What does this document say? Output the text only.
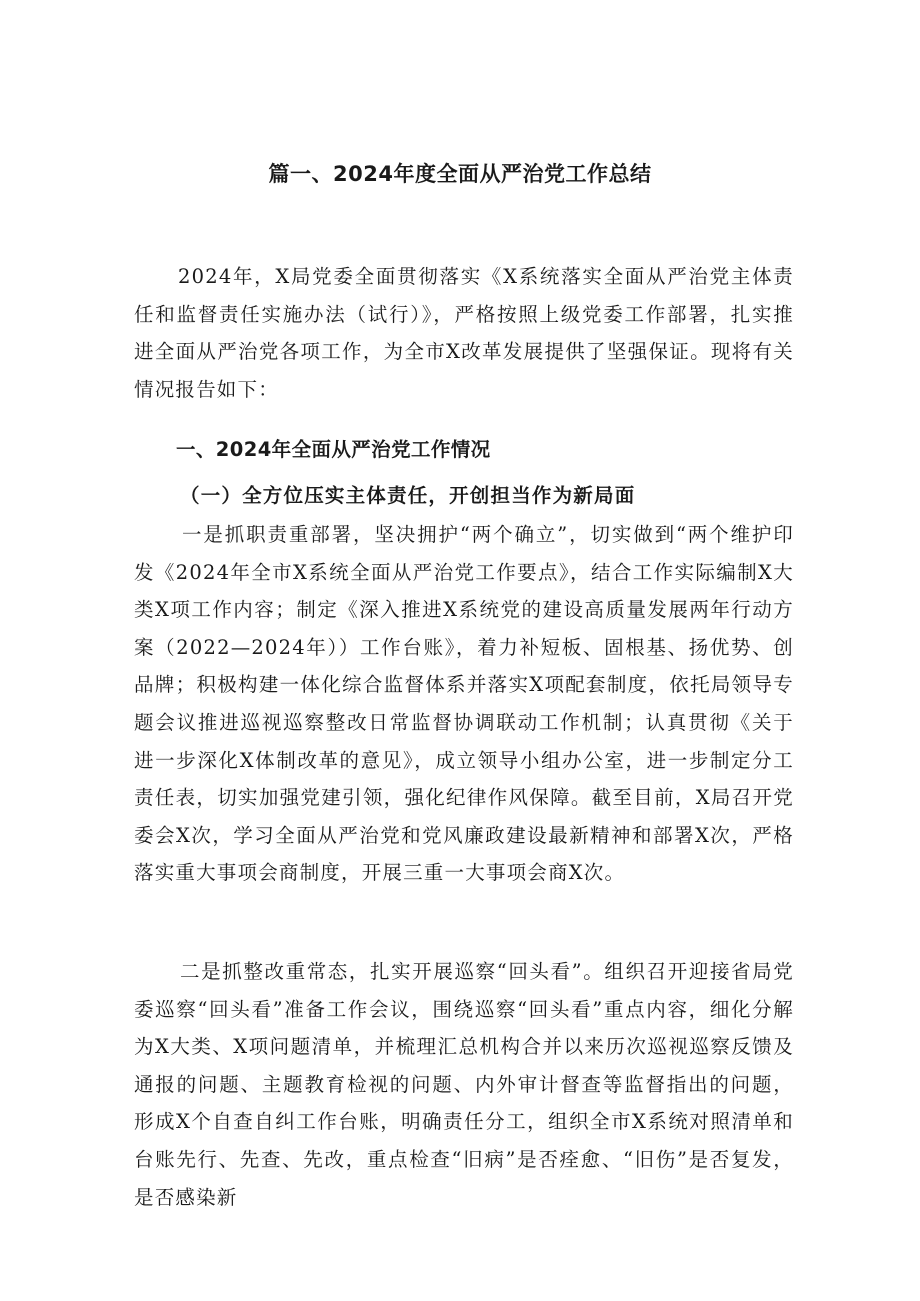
篇一、2024年度全面从严治党工作总结

2024年，X局党委全面贯彻落实《X系统落实全面从严治党主体责任和监督责任实施办法（试行）》，严格按照上级党委工作部署，扎实推进全面从严治党各项工作，为全市X改革发展提供了坚强保证。现将有关情况报告如下：

一、2024年全面从严治党工作情况
（一）全方位压实主体责任，开创担当作为新局面

一是抓职责重部署，坚决拥护“两个确立”，切实做到“两个维护印发《2024年全市X系统全面从严治党工作要点》，结合工作实际编制X大类X项工作内容；制定《深入推进X系统党的建设高质量发展两年行动方案（2022—2024年））工作台账》，着力补短板、固根基、扬优势、创品牌；积极构建一体化综合监督体系并落实X项配套制度，依托局领导专题会议推进巡视巡察整改日常监督协调联动工作机制；认真贯彻《关于进一步深化X体制改革的意见》，成立领导小组办公室，进一步制定分工责任表，切实加强党建引领，强化纪律作风保障。截至目前，X局召开党委会X次，学习全面从严治党和党风廉政建设最新精神和部署X次，严格落实重大事项会商制度，开展三重一大事项会商X次。

二是抓整改重常态，扎实开展巡察“回头看”。组织召开迎接省局党委巡察“回头看”准备工作会议，围绕巡察“回头看”重点内容，细化分解为X大类、X项问题清单，并梳理汇总机构合并以来历次巡视巡察反馈及通报的问题、主题教育检视的问题、内外审计督查等监督指出的问题，形成X个自查自纠工作台账，明确责任分工，组织全市X系统对照清单和台账先行、先查、先改，重点检查“旧病”是否痊愈、“旧伤”是否复发，是否感染新
